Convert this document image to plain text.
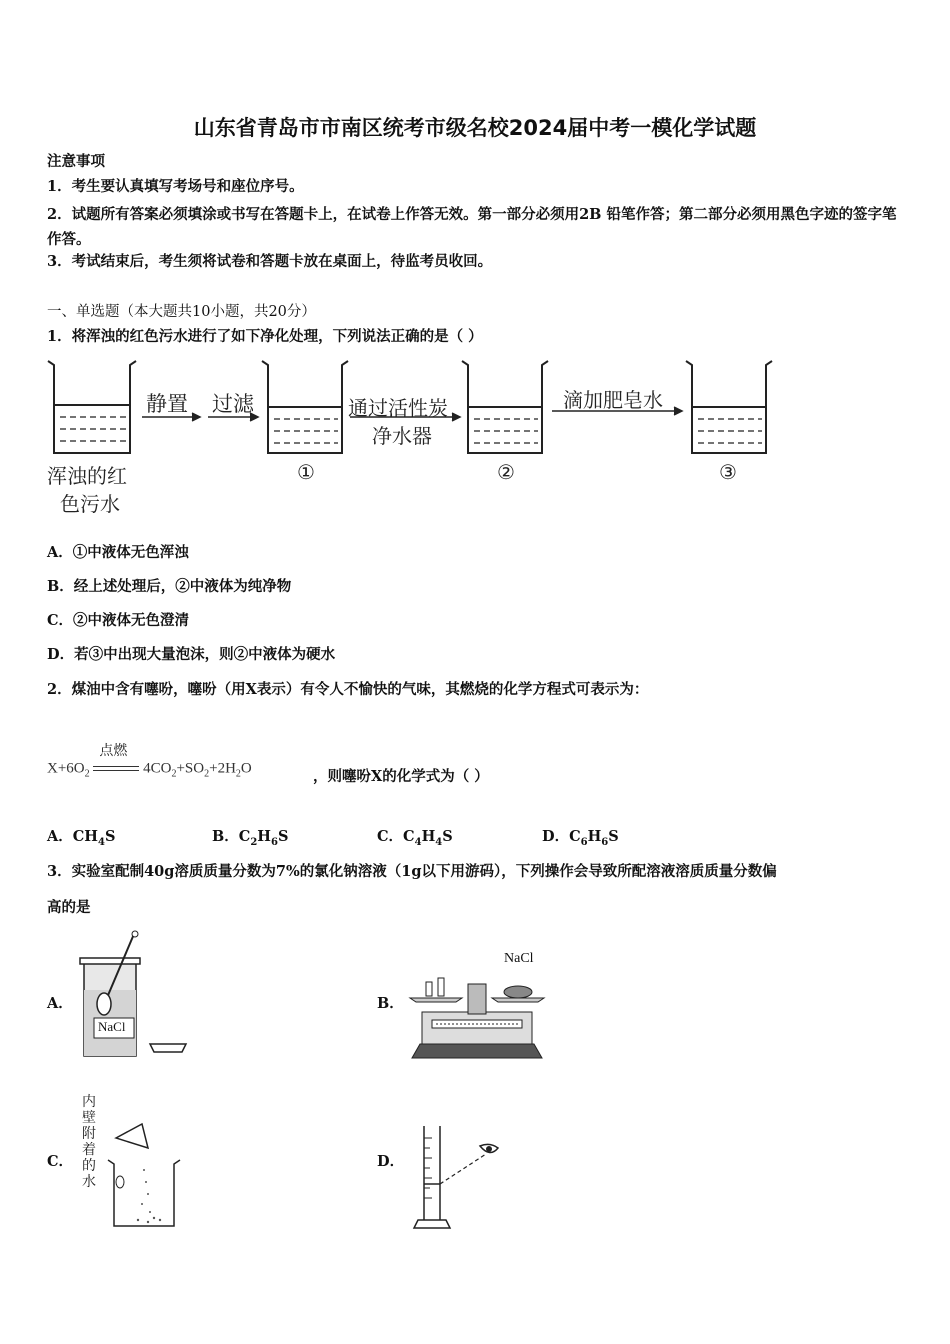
山东省青岛市市南区统考市级名校2024届中考一模化学试题
注意事项
1．考生要认真填写考场号和座位序号。
2．试题所有答案必须填涂或书写在答题卡上，在试卷上作答无效。第一部分必须用2B 铅笔作答；第二部分必须用黑色字迹的签字笔作答。
3．考试结束后，考生须将试卷和答题卡放在桌面上，待监考员收回。
一、单选题（本大题共10小题，共20分）
1．将浑浊的红色污水进行了如下净化处理，下列说法正确的是（ ）
静置 过滤	通过活性炭
净水器
滴加肥皂水
浑浊的红
色污水
①	②	③
A．①中液体无色浑浊
B．经上述处理后，②中液体为纯净物
C．②中液体无色澄清
D．若③中出现大量泡沫，则②中液体为硬水
2．煤油中含有噻吩，噻吩（用X表示）有令人不愉快的气味，其燃烧的化学方程式可表示为：
$X+6O_2$
点燃
$4CO_2+SO_2+2H_2O$	，则噻吩X的化学式为（ ）
A．$CH_4S$	B．$C_2H_6S$	C．$C_4H_4S$	D．$C_6H_6S$
3．实验室配制40g溶质质量分数为7%的氯化钠溶液（1g以下用游码），下列操作会导致所配溶液溶质质量分数偏
高的是
A．
NaCl
B．
NaCl
C．
内
壁
附
着
的
水
D．
